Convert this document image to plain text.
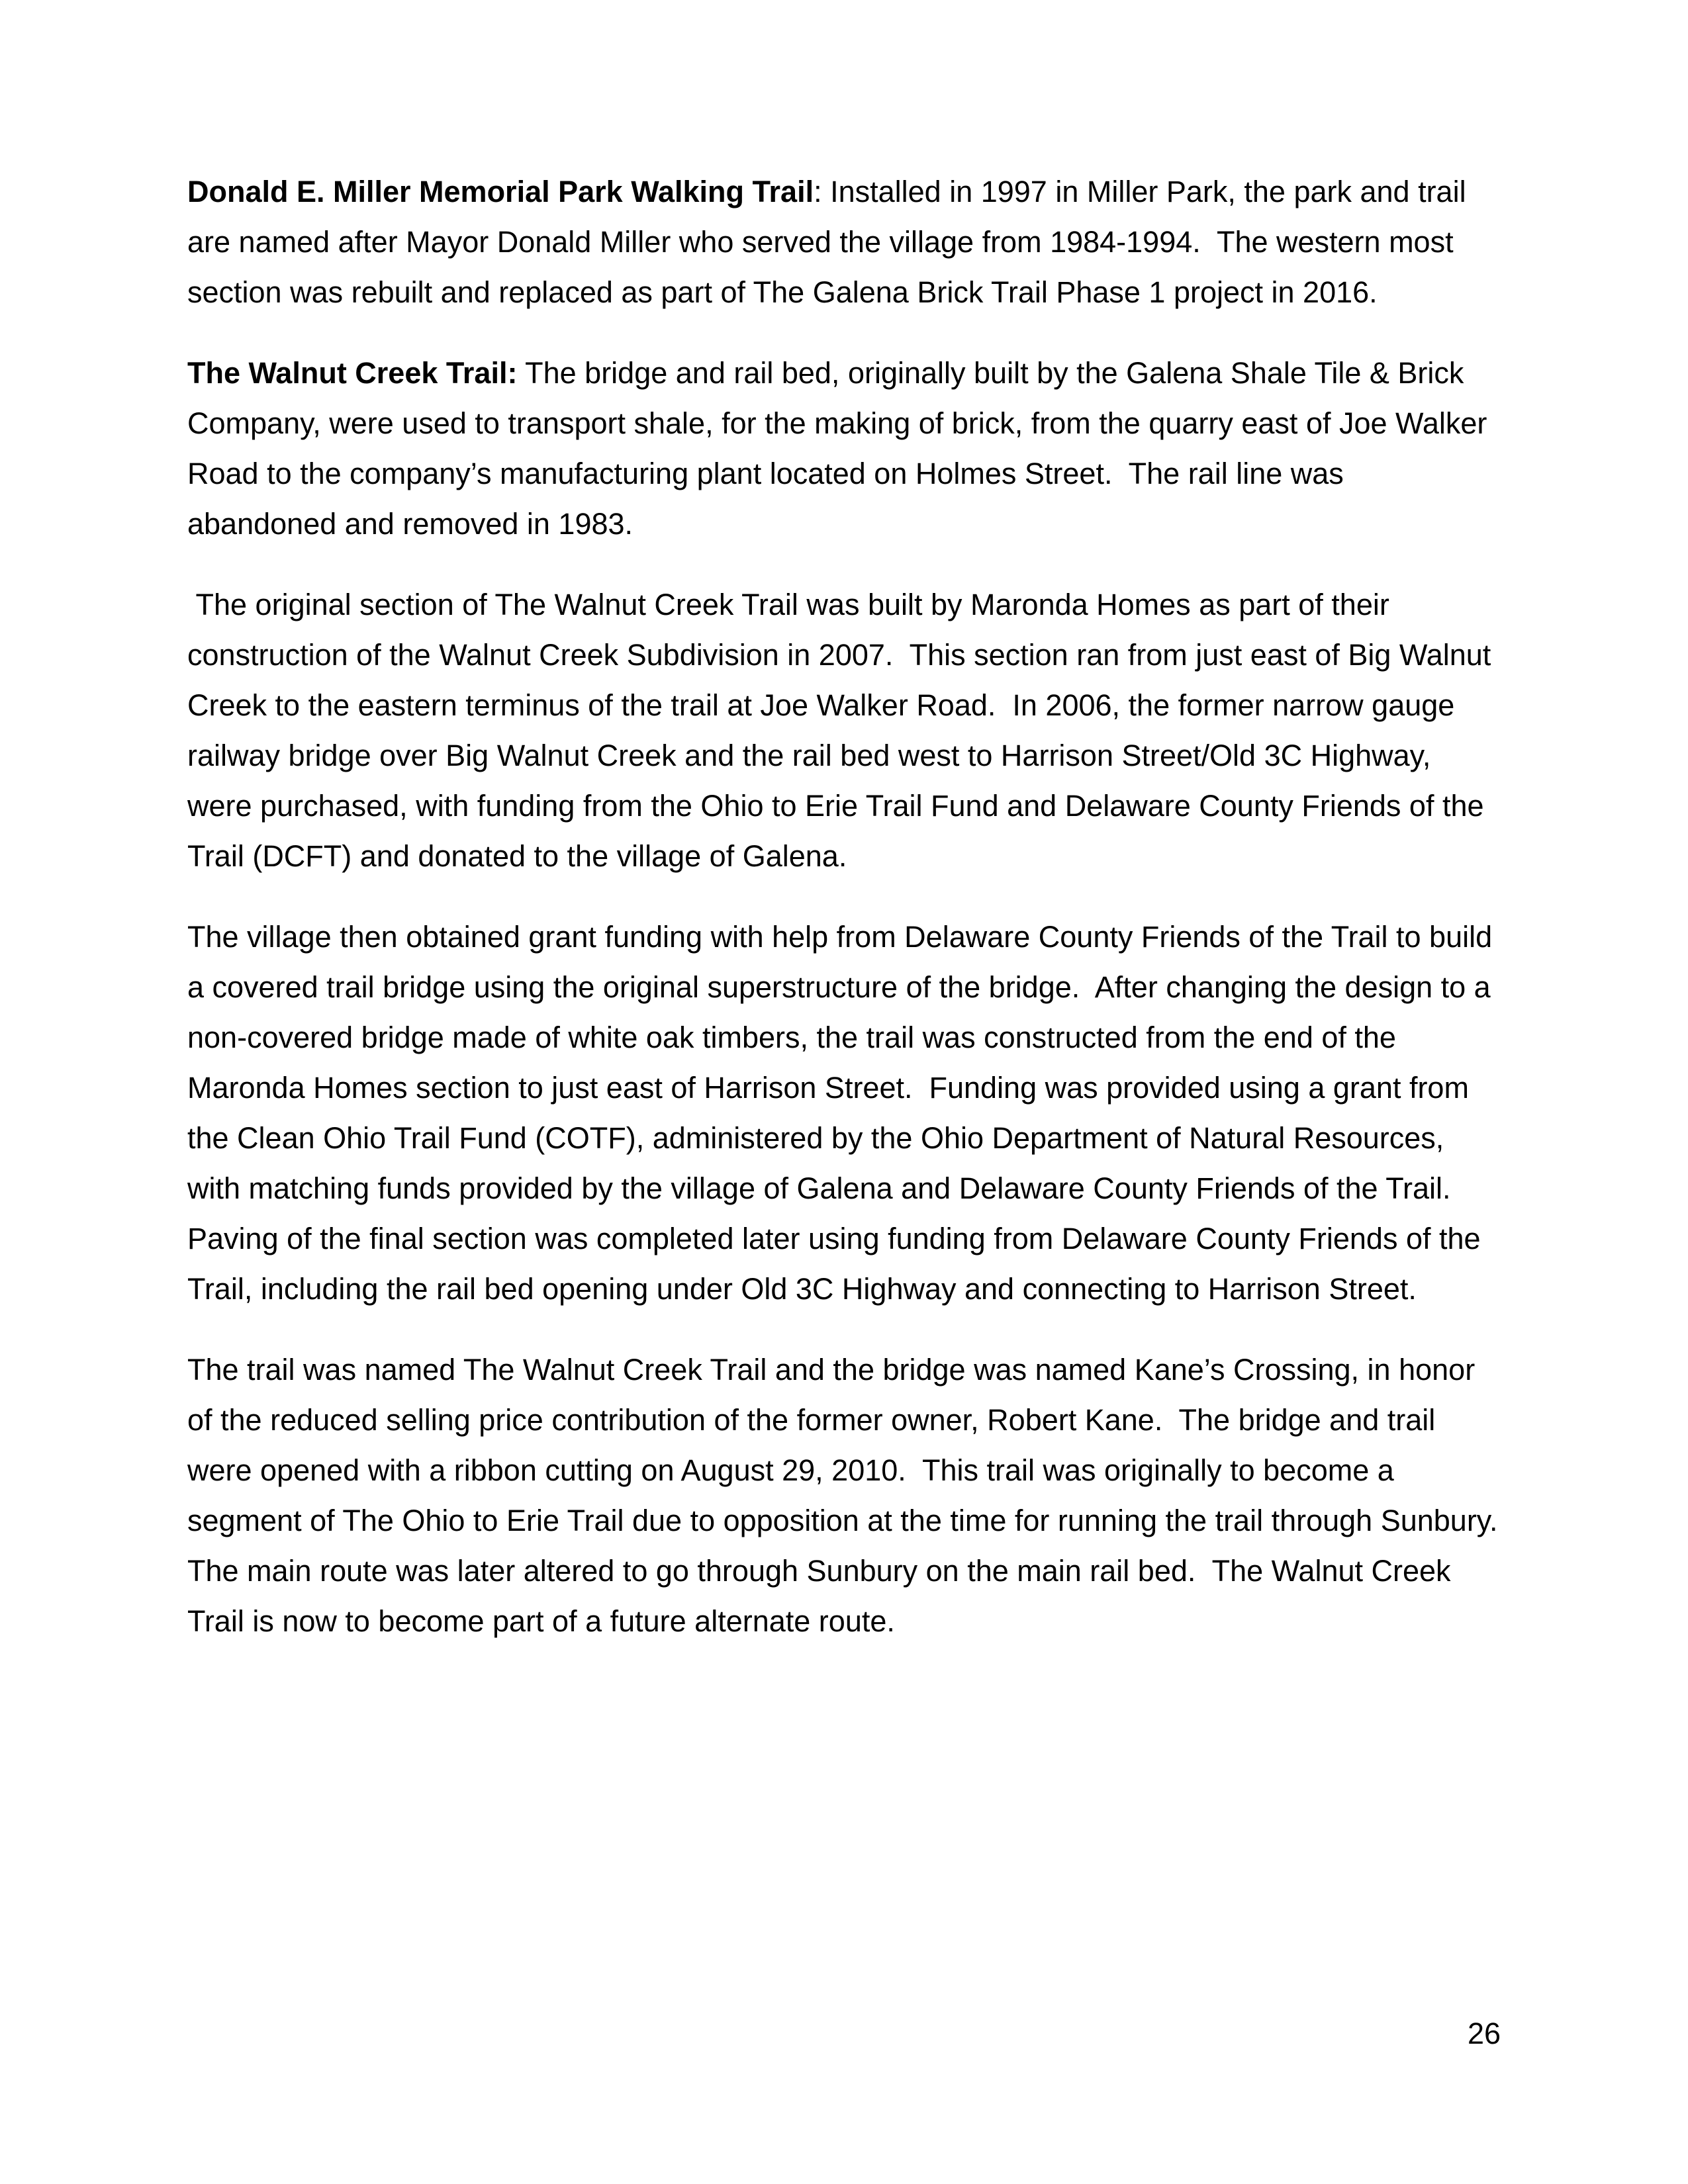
Donald E. Miller Memorial Park Walking Trail: Installed in 1997 in Miller Park, the park and trail are named after Mayor Donald Miller who served the village from 1984-1994.  The western most section was rebuilt and replaced as part of The Galena Brick Trail Phase 1 project in 2016.

The Walnut Creek Trail: The bridge and rail bed, originally built by the Galena Shale Tile & Brick Company, were used to transport shale, for the making of brick, from the quarry east of Joe Walker Road to the company’s manufacturing plant located on Holmes Street.  The rail line was abandoned and removed in 1983.

The original section of The Walnut Creek Trail was built by Maronda Homes as part of their construction of the Walnut Creek Subdivision in 2007.  This section ran from just east of Big Walnut Creek to the eastern terminus of the trail at Joe Walker Road.  In 2006, the former narrow gauge railway bridge over Big Walnut Creek and the rail bed west to Harrison Street/Old 3C Highway, were purchased, with funding from the Ohio to Erie Trail Fund and Delaware County Friends of the Trail (DCFT) and donated to the village of Galena.

The village then obtained grant funding with help from Delaware County Friends of the Trail to build a covered trail bridge using the original superstructure of the bridge.  After changing the design to a non-covered bridge made of white oak timbers, the trail was constructed from the end of the Maronda Homes section to just east of Harrison Street.  Funding was provided using a grant from the Clean Ohio Trail Fund (COTF), administered by the Ohio Department of Natural Resources, with matching funds provided by the village of Galena and Delaware County Friends of the Trail.  Paving of the final section was completed later using funding from Delaware County Friends of the Trail, including the rail bed opening under Old 3C Highway and connecting to Harrison Street.

The trail was named The Walnut Creek Trail and the bridge was named Kane’s Crossing, in honor of the reduced selling price contribution of the former owner, Robert Kane.  The bridge and trail were opened with a ribbon cutting on August 29, 2010.  This trail was originally to become a segment of The Ohio to Erie Trail due to opposition at the time for running the trail through Sunbury.  The main route was later altered to go through Sunbury on the main rail bed.  The Walnut Creek Trail is now to become part of a future alternate route.

26
